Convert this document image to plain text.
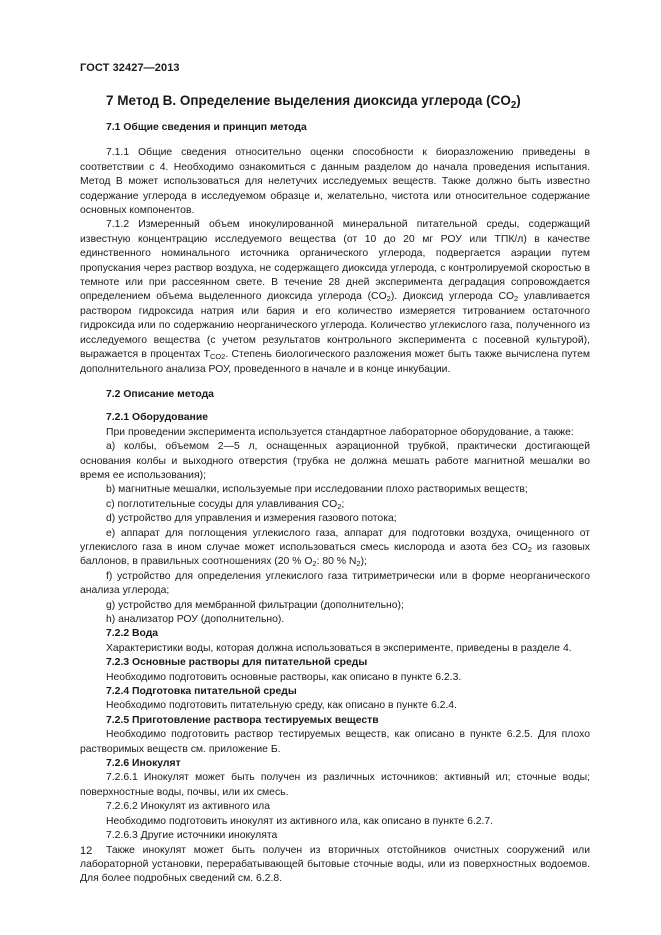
ГОСТ 32427—2013
7 Метод В. Определение выделения диоксида углерода $(CO_2)$
7.1 Общие сведения и принцип метода

7.1.1 Общие сведения относительно оценки способности к биоразложению приведены в соответствии с 4. Необходимо ознакомиться с данным разделом до начала проведения испытания. Метод В может использоваться для нелетучих исследуемых веществ. Также должно быть известно содержание углерода в исследуемом образце и, желательно, чистота или относительное содержание основных компонентов.

7.1.2 Измеренный объем инокулированной минеральной питательной среды, содержащий известную концентрацию исследуемого вещества (от 10 до 20 мг РОУ или ТПК/л) в качестве единственного номинального источника органического углерода, подвергается аэрации путем пропускания через раствор воздуха, не содержащего диоксида углерода, с контролируемой скоростью в темноте или при рассеянном свете. В течение 28 дней эксперимента деградация сопровождается определением объема выделенного диоксида углерода $(CO_2)$. Диоксид углерода $CO_2$ улавливается раствором гидроксида натрия или бария и его количество измеряется титрованием остаточного гидроксида или по содержанию неорганического углерода. Количество углекислого газа, полученного из исследуемого вещества (с учетом результатов контрольного эксперимента с посевной культурой), выражается в процентах $T_{CO2}$. Степень биологического разложения может быть также вычислена путем дополнительного анализа РОУ, проведенного в начале и в конце инкубации.

7.2 Описание метода
7.2.1 Оборудование

При проведении эксперимента используется стандартное лабораторное оборудование, а также:

a) колбы, объемом 2—5 л, оснащенных аэрационной трубкой, практически достигающей основания колбы и выходного отверстия (трубка не должна мешать работе магнитной мешалки во время ее использования);

b) магнитные мешалки, используемые при исследовании плохо растворимых веществ;

c) поглотительные сосуды для улавливания $CO_2$;

d) устройство для управления и измерения газового потока;

e) аппарат для поглощения углекислого газа, аппарат для подготовки воздуха, очищенного от углекислого газа в ином случае может использоваться смесь кислорода и азота без $CO_2$ из газовых баллонов, в правильных соотношениях (20 % $O_2$: 80 % $N_2$);

f) устройство для определения углекислого газа титриметрически или в форме неорганического анализа углерода;

g) устройство для мембранной фильтрации (дополнительно);

h) анализатор РОУ (дополнительно).

7.2.2 Вода

Характеристики воды, которая должна использоваться в эксперименте, приведены в разделе 4.

7.2.3 Основные растворы для питательной среды

Необходимо подготовить основные растворы, как описано в пункте 6.2.3.

7.2.4 Подготовка питательной среды

Необходимо подготовить питательную среду, как описано в пункте 6.2.4.

7.2.5 Приготовление раствора тестируемых веществ

Необходимо подготовить раствор тестируемых веществ, как описано в пункте 6.2.5. Для плохо растворимых веществ см. приложение Б.

7.2.6 Инокулят

7.2.6.1 Инокулят может быть получен из различных источников: активный ил; сточные воды; поверхностные воды, почвы, или их смесь.

7.2.6.2 Инокулят из активного ила

Необходимо подготовить инокулят из активного ила, как описано в пункте 6.2.7.

7.2.6.3 Другие источники инокулята

Также инокулят может быть получен из вторичных отстойников очистных сооружений или лабораторной установки, перерабатывающей бытовые сточные воды, или из поверхностных водоемов. Для более подробных сведений см. 6.2.8.

12
